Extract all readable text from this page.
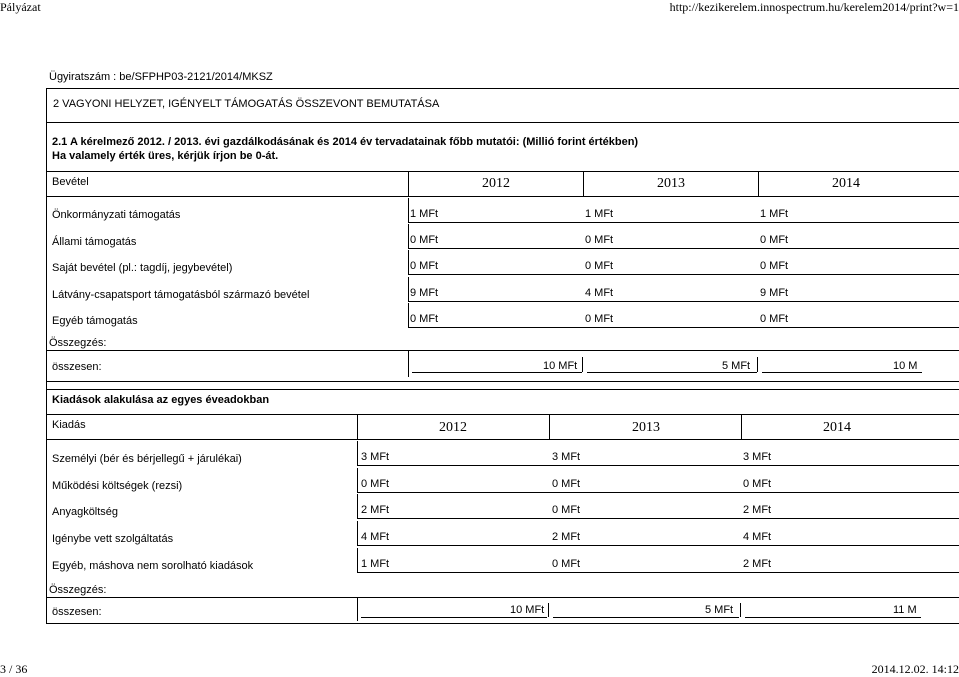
Pályázat	http://kezikerelem.innospectrum.hu/kerelem2014/print?w=1
Ügyiratszám : be/SFPHP03-2121/2014/MKSZ
2 VAGYONI HELYZET, IGÉNYELT TÁMOGATÁS ÖSSZEVONT BEMUTATÁSA
2.1 A kérelmező 2012. / 2013. évi gazdálkodásának és 2014 év tervadatainak főbb mutatói: (Millió forint értékben)
Ha valamely érték üres, kérjük írjon be 0-át.
Bevétel	2012	2013	2014
Önkormányzati támogatás	1 MFt	1 MFt	1 MFt
Állami támogatás	0 MFt	0 MFt	0 MFt
Saját bevétel (pl.: tagdíj, jegybevétel)	0 MFt	0 MFt	0 MFt
Látvány-csapatsport támogatásból származó bevétel	9 MFt	4 MFt	9 MFt
Egyéb támogatás	0 MFt	0 MFt	0 MFt
Összegzés:
összesen:	10 MFt	5 MFt	10 M
Kiadások alakulása az egyes éveadokban
Kiadás	2012	2013	2014
Személyi (bér és bérjellegű + járulékai)	3 MFt	3 MFt	3 MFt
Működési költségek (rezsi)	0 MFt	0 MFt	0 MFt
Anyagköltség	2 MFt	0 MFt	2 MFt
Igénybe vett szolgáltatás	4 MFt	2 MFt	4 MFt
Egyéb, máshova nem sorolható kiadások	1 MFt	0 MFt	2 MFt
Összegzés:
összesen:	10 MFt	5 MFt	11 M
3 / 36	2014.12.02. 14:12
